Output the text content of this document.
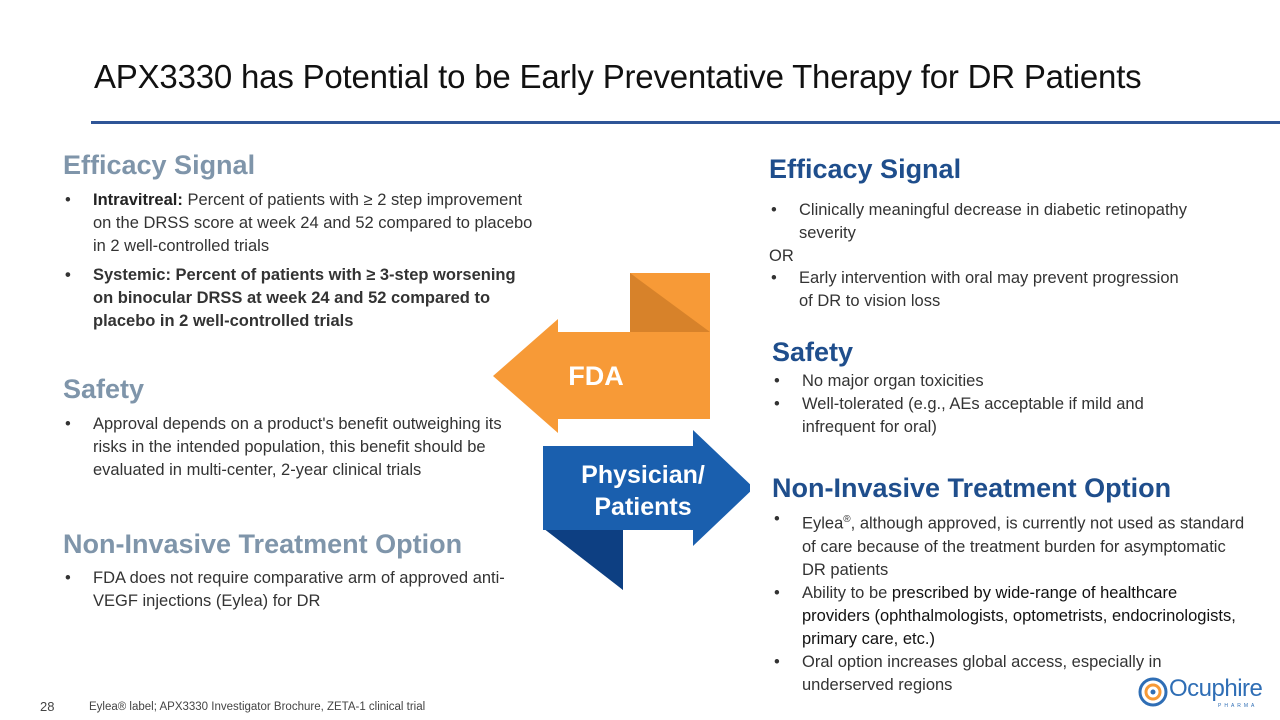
APX3330 has Potential to be Early Preventative Therapy for DR Patients
Efficacy Signal
• Intravitreal: Percent of patients with ≥ 2 step improvement on the DRSS score at week 24 and 52 compared to placebo in 2 well-controlled trials
• Systemic: Percent of patients with ≥ 3-step worsening on binocular DRSS at week 24 and 52 compared to placebo in 2 well-controlled trials
Safety
• Approval depends on a product's benefit outweighing its risks in the intended population, this benefit should be evaluated in multi-center, 2-year clinical trials
Non-Invasive Treatment Option
• FDA does not require comparative arm of approved anti-VEGF injections (Eylea) for DR
FDA
Physician/
Patients
Efficacy Signal
• Clinically meaningful decrease in diabetic retinopathy severity
OR
• Early intervention with oral may prevent progression of DR to vision loss
Safety
• No major organ toxicities
• Well-tolerated (e.g., AEs acceptable if mild and infrequent for oral)
Non-Invasive Treatment Option
• Eylea®, although approved, is currently not used as standard of care because of the treatment burden for asymptomatic DR patients
• Ability to be prescribed by wide-range of healthcare providers (ophthalmologists, optometrists, endocrinologists, primary care, etc.)
• Oral option increases global access, especially in underserved regions
28	Eylea® label; APX3330 Investigator Brochure, ZETA-1 clinical trial
Ocuphire
PHARMA
